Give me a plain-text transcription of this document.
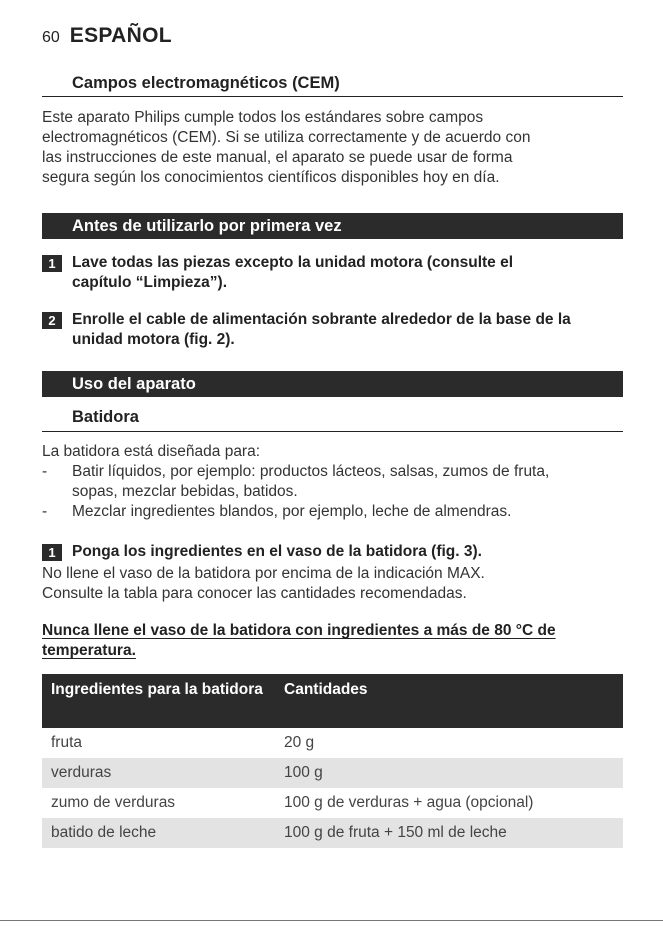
60 ESPAÑOL
Campos electromagnéticos (CEM)
Este aparato Philips cumple todos los estándares sobre campos
electromagnéticos (CEM). Si se utiliza correctamente y de acuerdo con
las instrucciones de este manual, el aparato se puede usar de forma
segura según los conocimientos científicos disponibles hoy en día.
Antes de utilizarlo por primera vez
1	Lave todas las piezas excepto la unidad motora (consulte el
capítulo “Limpieza”).
2	Enrolle el cable de alimentación sobrante alrededor de la base de la
unidad motora (fig. 2).
Uso del aparato
Batidora
La batidora está diseñada para:
- Batir líquidos, por ejemplo: productos lácteos, salsas, zumos de fruta,
sopas, mezclar bebidas, batidos.
- Mezclar ingredientes blandos, por ejemplo, leche de almendras.
1	Ponga los ingredientes en el vaso de la batidora (fig. 3).
No llene el vaso de la batidora por encima de la indicación MAX.
Consulte la tabla para conocer las cantidades recomendadas.
Nunca llene el vaso de la batidora con ingredientes a más de 80 °C de
temperatura.
Ingredientes para la batidora	Cantidades
fruta	20 g
verduras	100 g
zumo de verduras	100 g de verduras + agua (opcional)
batido de leche	100 g de fruta + 150 ml de leche
